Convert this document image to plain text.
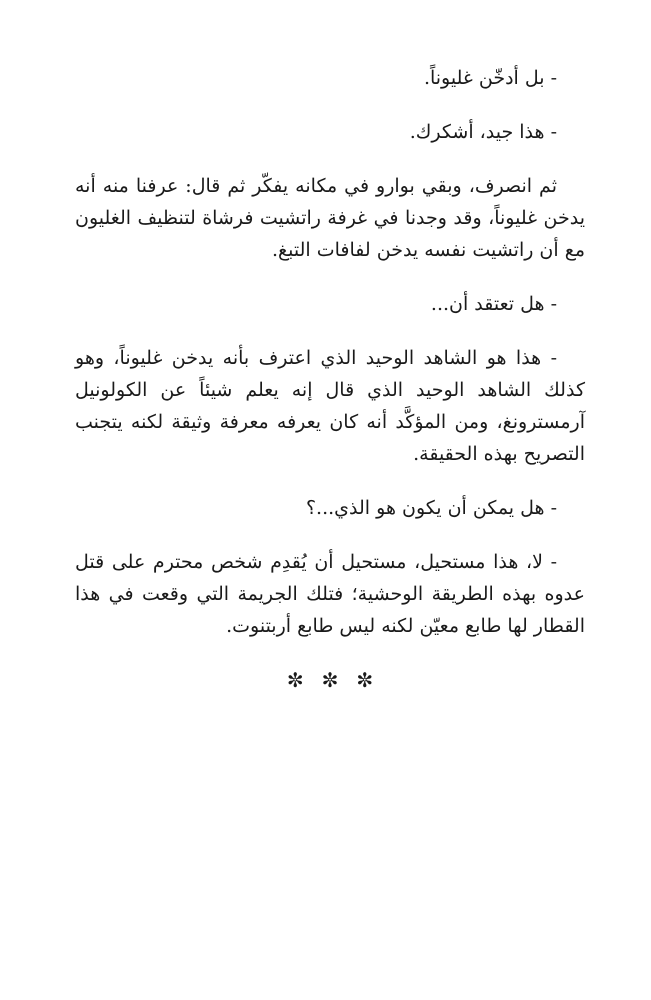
- بل أدخّن غليوناً.

- هذا جيد، أشكرك.

ثم انصرف، وبقي بوارو في مكانه يفكّر ثم قال: عرفنا منه أنه يدخن غليوناً، وقد وجدنا في غرفة راتشيت فرشاة لتنظيف الغليون مع أن راتشيت نفسه يدخن لفافات التبغ.

- هل تعتقد أن...

- هذا هو الشاهد الوحيد الذي اعترف بأنه يدخن غليوناً، وهو كذلك الشاهد الوحيد الذي قال إنه يعلم شيئاً عن الكولونيل آرمسترونغ، ومن المؤكَّد أنه كان يعرفه معرفة وثيقة لكنه يتجنب التصريح بهذه الحقيقة.

- هل يمكن أن يكون هو الذي...؟

- لا، هذا مستحيل، مستحيل أن يُقدِم شخص محترم على قتل عدوه بهذه الطريقة الوحشية؛ فتلك الجريمة التي وقعت في هذا القطار لها طابع معيّن لكنه ليس طابع أربتنوت.

✼✼✼
